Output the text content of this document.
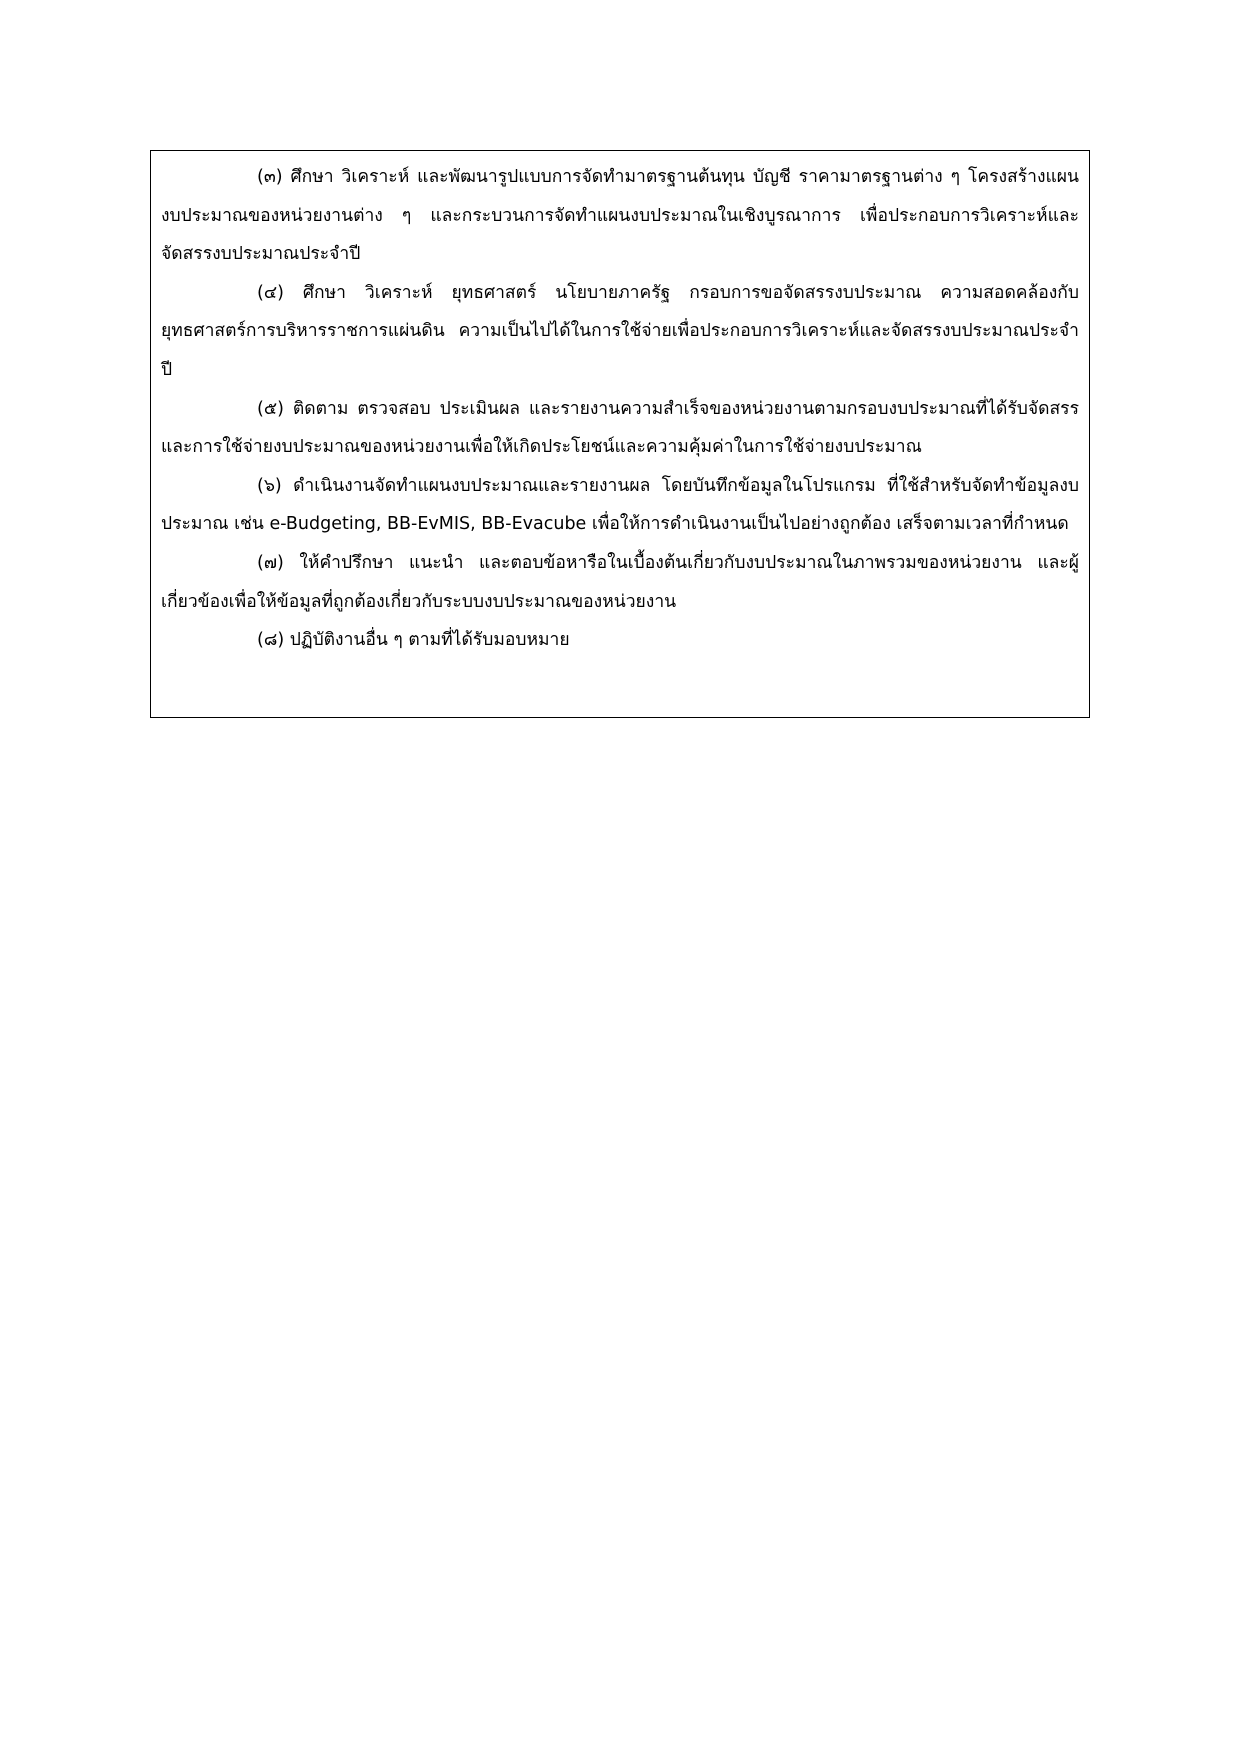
(๓) ศึกษา วิเคราะห์ และพัฒนารูปแบบการจัดทำมาตรฐานต้นทุน บัญชี ราคามาตรฐานต่าง ๆ โครงสร้างแผนงบประมาณของหน่วยงานต่าง ๆ และกระบวนการจัดทำแผนงบประมาณในเชิงบูรณาการ เพื่อประกอบการวิเคราะห์และจัดสรรงบประมาณประจำปี

(๔) ศึกษา วิเคราะห์ ยุทธศาสตร์ นโยบายภาครัฐ กรอบการขอจัดสรรงบประมาณ ความสอดคล้องกับยุทธศาสตร์การบริหารราชการแผ่นดิน ความเป็นไปได้ในการใช้จ่ายเพื่อประกอบการวิเคราะห์และจัดสรรงบประมาณประจำปี

(๕) ติดตาม ตรวจสอบ ประเมินผล และรายงานความสำเร็จของหน่วยงานตามกรอบงบประมาณที่ได้รับจัดสรร และการใช้จ่ายงบประมาณของหน่วยงานเพื่อให้เกิดประโยชน์และความคุ้มค่าในการใช้จ่ายงบประมาณ

(๖) ดำเนินงานจัดทำแผนงบประมาณและรายงานผล โดยบันทึกข้อมูลในโปรแกรม ที่ใช้สำหรับจัดทำข้อมูลงบประมาณ เช่น e-Budgeting, BB-EvMIS, BB-Evacube เพื่อให้การดำเนินงานเป็นไปอย่างถูกต้อง เสร็จตามเวลาที่กำหนด

(๗) ให้คำปรึกษา แนะนำ และตอบข้อหารือในเบื้องต้นเกี่ยวกับงบประมาณในภาพรวมของหน่วยงาน และผู้เกี่ยวข้องเพื่อให้ข้อมูลที่ถูกต้องเกี่ยวกับระบบงบประมาณของหน่วยงาน

(๘) ปฏิบัติงานอื่น ๆ ตามที่ได้รับมอบหมาย
